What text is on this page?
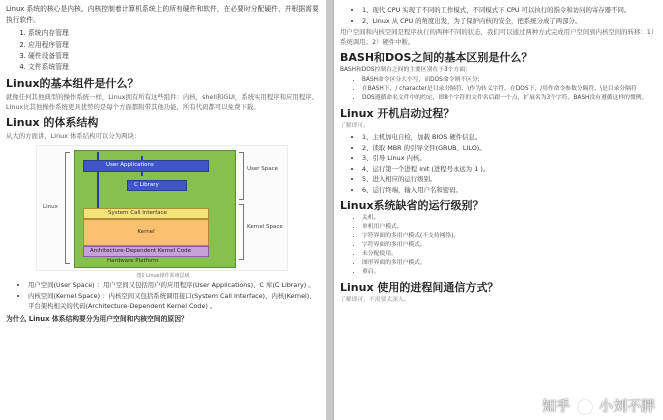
Linux 系统的核心是内核。内核控制着计算机系统上的所有硬件和软件，在必要时分配硬件，并根据需要执行软件。

1. 系统内存管理
2. 应用程序管理
3. 硬件设备管理
4. 文件系统管理
Linux的基本组件是什么？

就像任何其他典型的操作系统一样，Linux拥有所有这些组件：内核，shell和GUI，系统实用程序和应用程序。Linux比其他操作系统更具优势的是每个方面都附带其他功能，所有代码都可以免费下载。

Linux 的体系结构

从大的方面讲，Linux 体系结构可以分为两块：

User Applications
C Library
System Call Interface
Kernel
Architecture-Dependent Kernel Code
Hardware Platform
User Space
Kernel Space
Linux
图1 Linux操作系统层级
• 用户空间(User Space) ：用户空间又包括用户的应用程序(User Applications)、C 库(C Library) 。
• 内核空间(Kernel Space) ：内核空间又包括系统调用接口(System Call Interface)、内核(Kernel)、平台架构相关的代码(Architecture-Dependent Kernel Code) 。

为什么 Linux 体系结构要分为用户空间和内核空间的原因？

• 1、现代 CPU 实现了不同的工作模式，不同模式下 CPU 可以执行的指令和访问的寄存器不同。
• 2、Linux 从 CPU 的角度出发，为了保护内核的安全，把系统分成了两部分。

用户空间和内核空间是程序执行的两种不同的状态，我们可以通过两种方式完成用户空间到内核空间的转移：1）系统调用；2）硬件中断。

BASH和DOS之间的基本区别是什么？

BASH和DOS控制台之间的主要区别在于3个方面：

• BASH命令区分大小写，而DOS命令则不区分;
• 在BASH下，/ character是目录分隔符，\作为转义字符。在DOS下，/用作命令参数分隔符，\是目录分隔符
• DOS遵循命名文件中的约定，即8个字符的文件名后跟一个点，扩展名为3个字符。BASH没有遵循这样的惯例。
Linux 开机启动过程？

了解即可。

• 1、主机加电自检，加载 BIOS 硬件信息。
• 2、读取 MBR 的引导文件(GRUB、LILO)。
• 3、引导 Linux 内核。
• 4、运行第一个进程 init (进程号永远为 1 )。
• 5、进入相应的运行级别。
• 6、运行终端，输入用户名和密码。
Linux系统缺省的运行级别？
• 关机。
• 单机用户模式。
• 字符界面的多用户模式(不支持网络)。
• 字符界面的多用户模式。
• 未分配使用。
• 图形界面的多用户模式。
• 重启。
Linux 使用的进程间通信方式？

了解即可，不需要太深入。

知乎 小刘不胖
